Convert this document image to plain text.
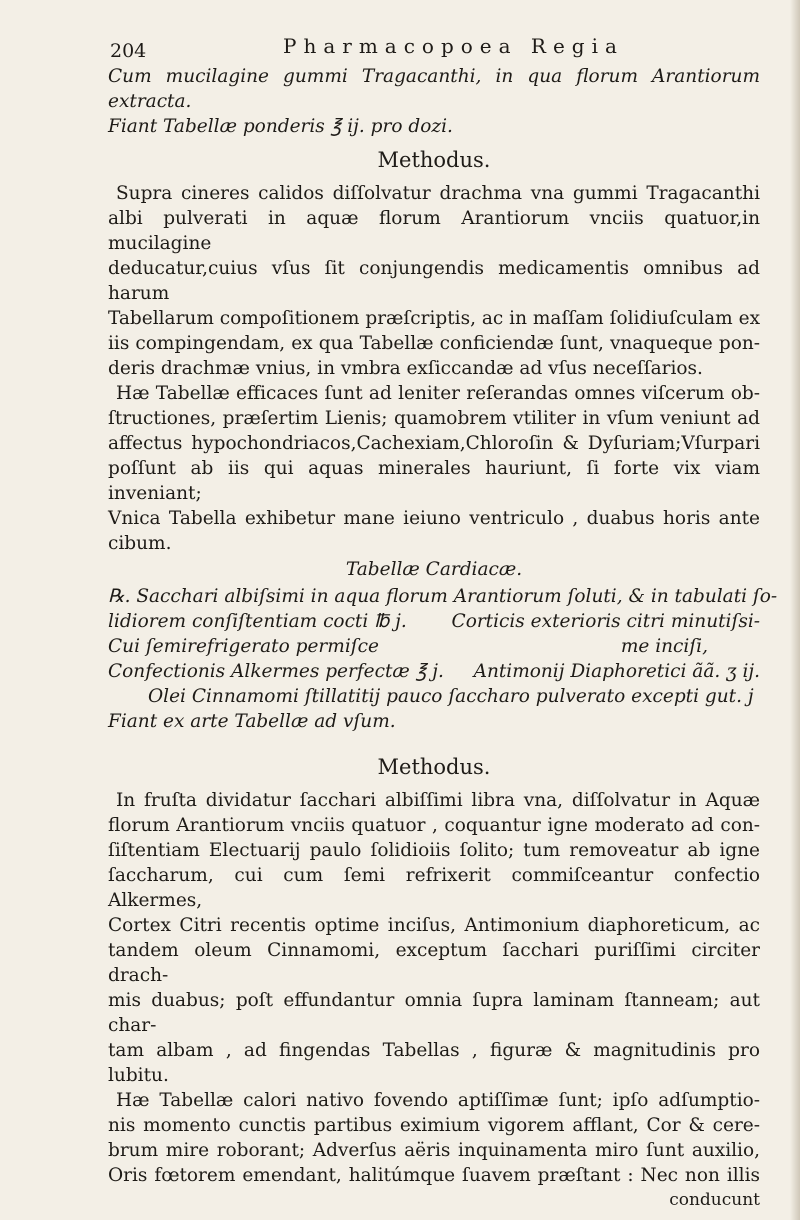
204	Pharmacopoea Regia
Cum mucilagine gummi Tragacanthi, in qua florum Arantiorum
extracta.
Fiant Tabellæ ponderis ℥ ij. pro dozi.
Methodus.
Supra cineres calidos diſſolvatur drachma vna gummi Tragacanthi
albi pulverati in aquæ florum Arantiorum vnciis quatuor,in mucilagine
deducatur,cuius vſus ſit conjungendis medicamentis omnibus ad harum
Tabellarum compoſitionem præſcriptis, ac in maſſam ſolidiuſculam ex
iis compingendam, ex qua Tabellæ conficiendæ ſunt, vnaqueque pon-
deris drachmæ vnius, in vmbra exſiccandæ ad vſus neceſſarios.
Hæ Tabellæ efficaces ſunt ad leniter reſerandas omnes viſcerum ob-
ſtructiones, præſertim Lienis; quamobrem vtiliter in vſum veniunt ad
affectus hypochondriacos,Cachexiam,Chloroſin & Dyſuriam;Vſurpari
poſſunt ab iis qui aquas minerales hauriunt, ſi forte vix viam inveniant;
Vnica Tabella exhibetur mane ieiuno ventriculo , duabus horis ante
cibum.
Tabellæ Cardiacæ.
℞. Sacchari albiſsimi in aqua florum Arantiorum ſoluti, & in tabulati ſo-
lidiorem conſiſtentiam cocti ℔ j. Corticis exterioris citri minutiſsi-
Cui ſemirefrigerato permiſce	me inciſi,
Confectionis Alkermes perfectæ ℥ j. Antimonij Diaphoretici ãã. ʒ ij.
Olei Cinnamomi ſtillatitij pauco ſaccharo pulverato excepti gut. j
Fiant ex arte Tabellæ ad vſum.
Methodus.
In fruſta dividatur ſacchari albiſſimi libra vna, diſſolvatur in Aquæ
florum Arantiorum vnciis quatuor , coquantur igne moderato ad con-
ſiſtentiam Electuarij paulo ſolidioiis ſolito; tum removeatur ab igne
ſaccharum, cui cum ſemi refrixerit commiſceantur confectio Alkermes,
Cortex Citri recentis optime inciſus, Antimonium diaphoreticum, ac
tandem oleum Cinnamomi, exceptum ſacchari puriſſimi circiter drach-
mis duabus; poſt effundantur omnia ſupra laminam ſtanneam; aut char-
tam albam , ad fingendas Tabellas , figuræ & magnitudinis pro lubitu.
Hæ Tabellæ calori nativo fovendo aptiſſimæ ſunt; ipſo adſumptio-
nis momento cunctis partibus eximium vigorem afflant, Cor & cere-
brum mire roborant; Adverſus aëris inquinamenta miro ſunt auxilio,
Oris fœtorem emendant, halitúmque ſuavem præſtant : Nec non illis
conducunt
